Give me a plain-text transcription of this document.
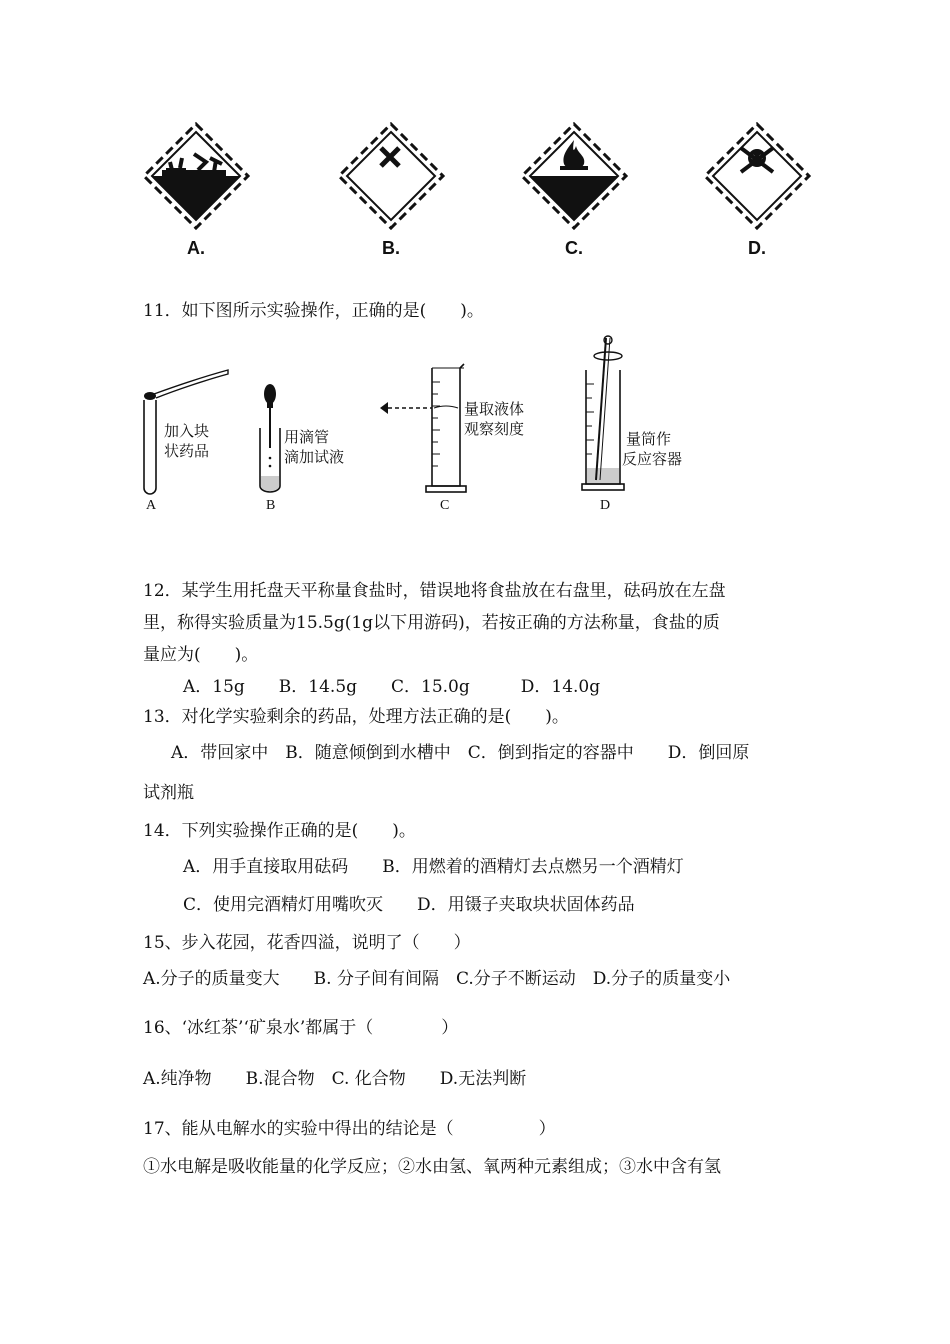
A.	B.	C.	D.
11．如下图所示实验操作，正确的是(　　)。
加入块
状药品
A
用滴管
滴加试液
B
量取液体
观察刻度
C
量筒作
反应容器
D
12．某学生用托盘天平称量食盐时，错误地将食盐放在右盘里，砝码放在左盘
里，称得实验质量为15.5g(1g以下用游码)，若按正确的方法称量，食盐的质
量应为(　　)。
A．15g　　B．14.5g　　C．15.0g　　　D．14.0g
13．对化学实验剩余的药品，处理方法正确的是(　　)。
A．带回家中　B．随意倾倒到水槽中　C．倒到指定的容器中　　D．倒回原
试剂瓶
14．下列实验操作正确的是(　　)。
A．用手直接取用砝码　　B．用燃着的酒精灯去点燃另一个酒精灯
C．使用完酒精灯用嘴吹灭　　D．用镊子夹取块状固体药品
15、步入花园，花香四溢，说明了（　　）
A.分子的质量变大　　B. 分子间有间隔　C.分子不断运动　D.分子的质量变小
16、‘冰红茶’‘矿泉水’都属于（　　　　）
A.纯净物　　B.混合物　C. 化合物　　D.无法判断
17、能从电解水的实验中得出的结论是（　　　　　）
①水电解是吸收能量的化学反应；②水由氢、氧两种元素组成；③水中含有氢
